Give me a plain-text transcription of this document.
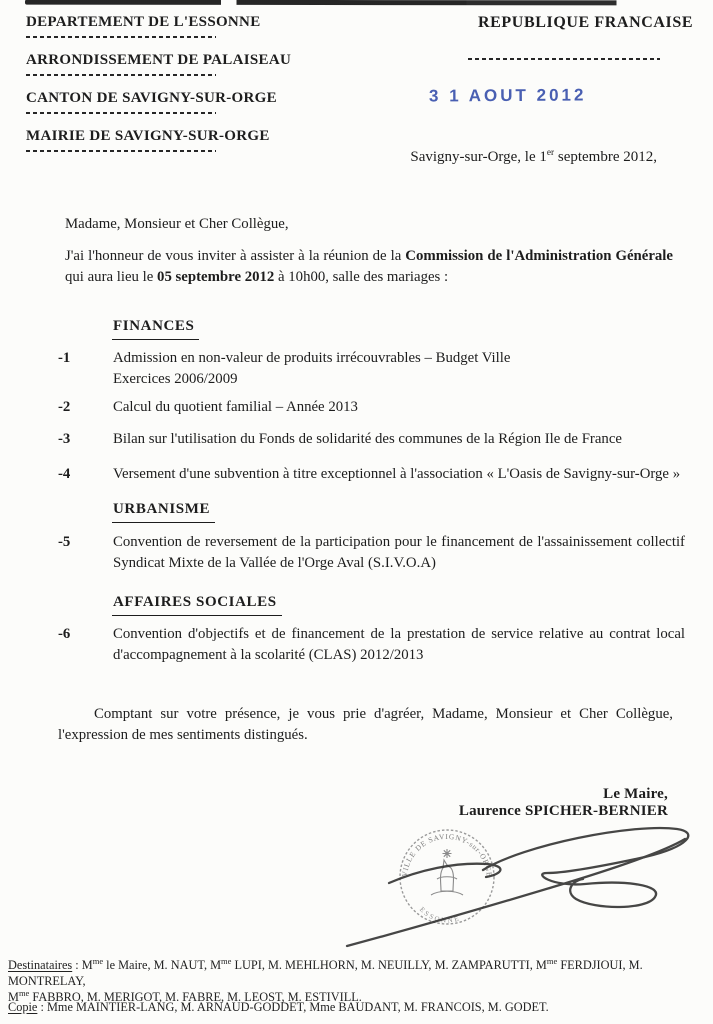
DEPARTEMENT DE L'ESSONNE
ARRONDISSEMENT DE PALAISEAU
CANTON DE SAVIGNY-SUR-ORGE
MAIRIE DE SAVIGNY-SUR-ORGE
REPUBLIQUE FRANCAISE
3 1 AOUT 2012
Savigny-sur-Orge, le 1er septembre 2012,
Madame, Monsieur et Cher Collègue,
J'ai l'honneur de vous inviter à assister à la réunion de la Commission de l'Administration Générale
qui aura lieu le 05 septembre 2012 à 10h00, salle des mariages :
FINANCES
-1	Admission en non-valeur de produits irrécouvrables – Budget Ville
Exercices 2006/2009
-2	Calcul du quotient familial – Année 2013
-3	Bilan sur l'utilisation du Fonds de solidarité des communes de la Région Ile de France
-4	Versement d'une subvention à titre exceptionnel à l'association « L'Oasis de Savigny-sur-Orge »
URBANISME
-5	Convention de reversement de la participation pour le financement de l'assainissement collectif
Syndicat Mixte de la Vallée de l'Orge Aval (S.I.V.O.A)
AFFAIRES SOCIALES
-6	Convention d'objectifs et de financement de la prestation de service relative au contrat local
d'accompagnement à la scolarité (CLAS) 2012/2013
Comptant sur votre présence, je vous prie d'agréer, Madame, Monsieur et Cher Collègue,
l'expression de mes sentiments distingués.
Le Maire,
Laurence SPICHER-BERNIER
VILLE DE SAVIGNY-sur-ORGE
ESSONNE
Destinataires : $M^{me}$ le Maire, M. NAUT, $M^{me}$ LUPI, M. MEHLHORN, M. NEUILLY, M. ZAMPARUTTI, $M^{me}$ FERDJIOUI, M. MONTRELAY,
$M^{me}$ FABBRO, M. MERIGOT, M. FABRE, M. LEOST, M. ESTIVILL.
Copie : Mme MAINTIER-LANG, M. ARNAUD-GODDET, Mme BAUDANT, M. FRANCOIS, M. GODET.
